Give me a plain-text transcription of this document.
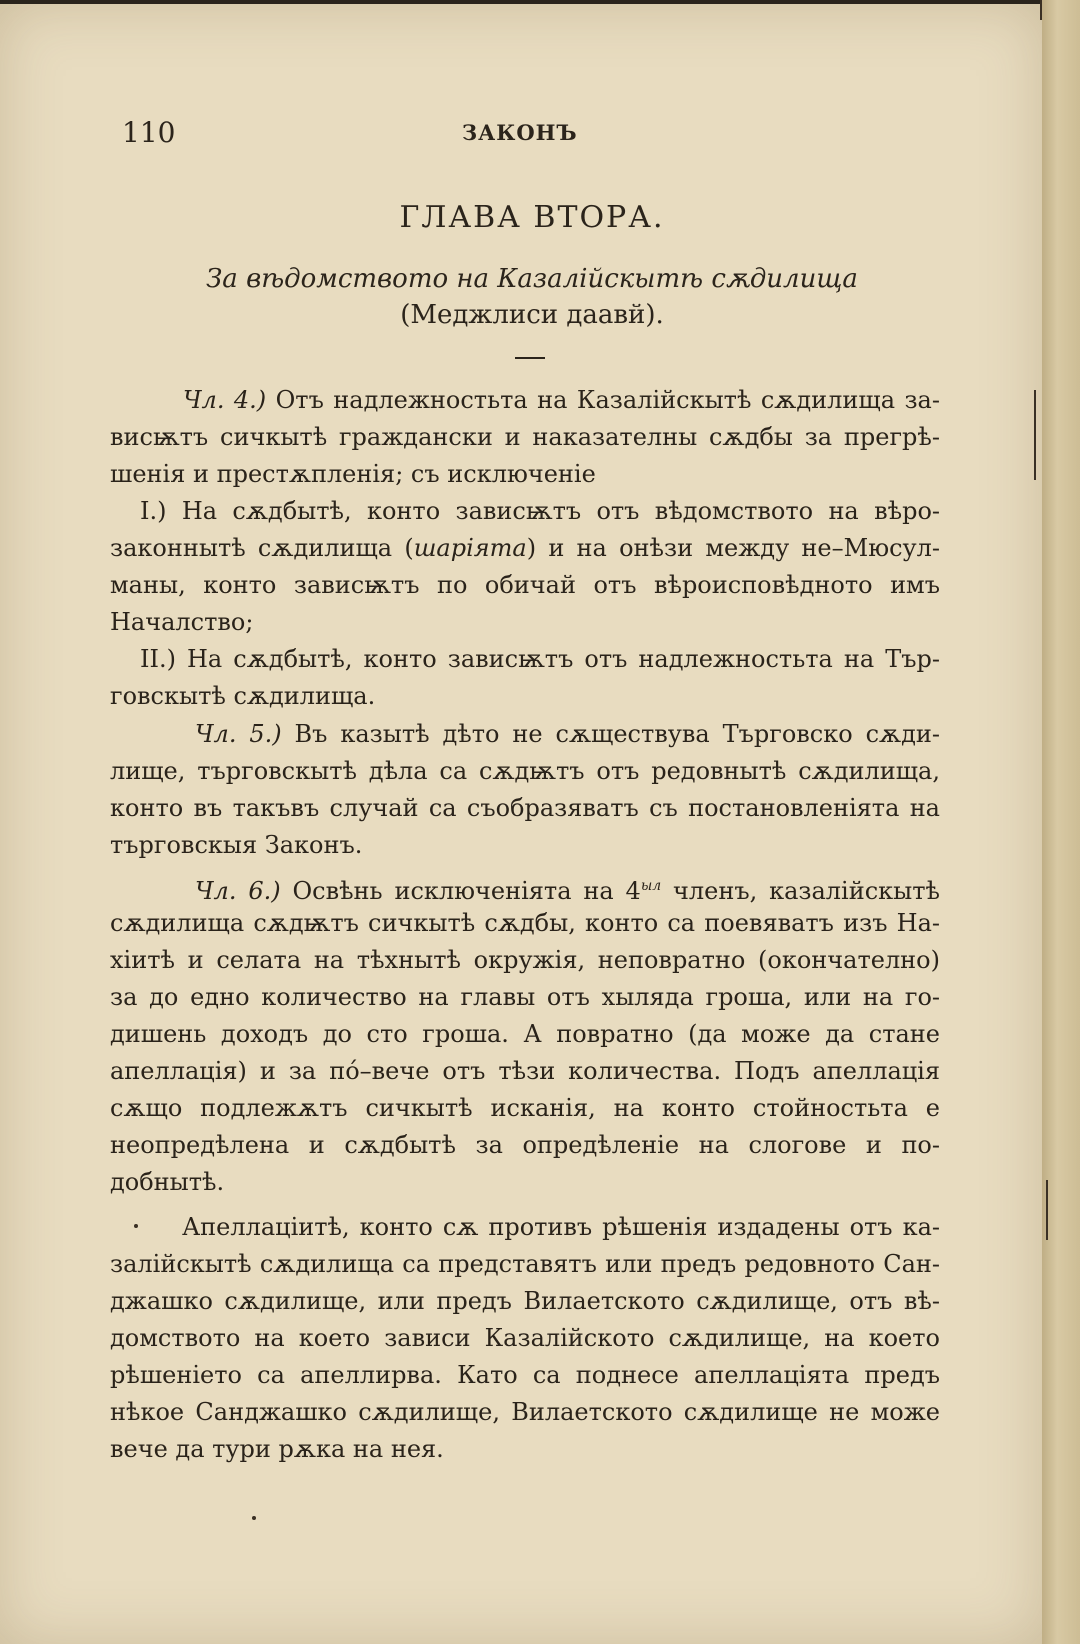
110	ЗАКОНЪ
ГЛАВА ВТОРА.
За вѣдомството на Казалійскытѣ сѫдилища
(Меджлиси даавй).
Чл. 4.) Отъ надлежностьта на Казалійскытѣ сѫдилища за-
висѭтъ сичкытѣ граждански и наказателны сѫдбы за прегрѣ-
шенія и престѫпленія; съ исключеніе
I.) На сѫдбытѣ, конто зависѭтъ отъ вѣдомството на вѣро-
законнытѣ сѫдилища (шаріята) и на онѣзи между не–Мюсул-
маны, конто зависѭтъ по обичай отъ вѣроисповѣдното имъ
Началство;
II.) На сѫдбытѣ, конто зависѭтъ отъ надлежностьта на Тър-
говскытѣ сѫдилища.
Чл. 5.) Въ казытѣ дѣто не сѫществува Търговско сѫди-
лище, търговскытѣ дѣла са сѫдѭтъ отъ редовнытѣ сѫдилища,
конто въ такъвъ случай са съобразяватъ съ постановленіята на
търговскыя Законъ.
Чл. 6.) Освѣнь исключеніята на $4^{ыл}$ членъ, казалійскытѣ
сѫдилища сѫдѭтъ сичкытѣ сѫдбы, конто са поевяватъ изъ На-
хіитѣ и селата на тѣхнытѣ окружія, неповратно (окончателно)
за до едно количество на главы отъ хыляда гроша, или на го-
дишень доходъ до сто гроша. А повратно (да може да стане
апеллація) и за по́–вече отъ тѣзи количества. Подъ апеллація
сѫщо подлежѫтъ сичкытѣ исканія, на конто стойностьта е
неопредѣлена и сѫдбытѣ за опредѣленіе на слогове и по-
добнытѣ.
Апеллаціитѣ, конто сѫ противъ рѣшенія издадены отъ ка-
залійскытѣ сѫдилища са представятъ или предъ редовното Сан-
джашко сѫдилище, или предъ Вилаетското сѫдилище, отъ вѣ-
домството на което зависи Казалійското сѫдилище, на което
рѣшеніето са апеллирва. Като са поднесе апеллаціята предъ
нѣкое Санджашко сѫдилище, Вилаетското сѫдилище не може
вече да тури рѫка на нея.
